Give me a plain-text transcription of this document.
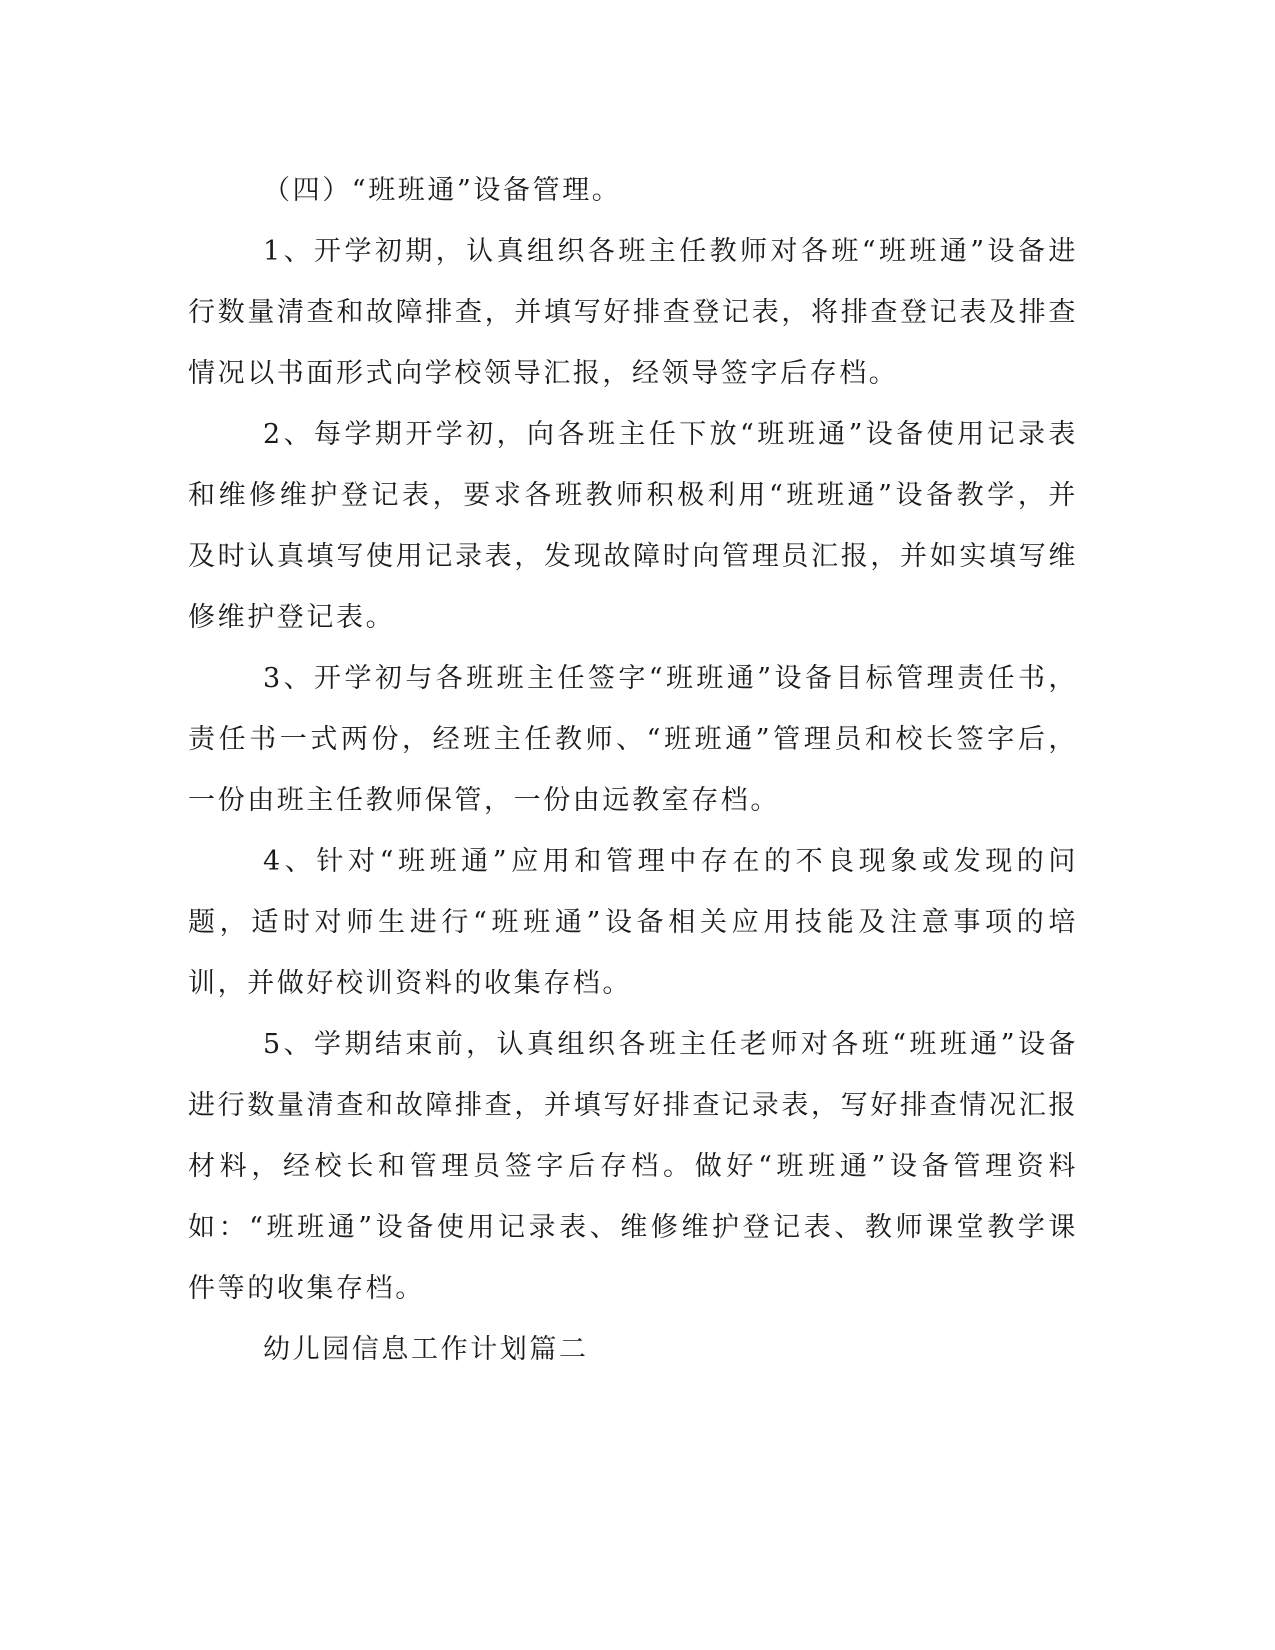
（四）“班班通”设备管理。

1、开学初期，认真组织各班主任教师对各班“班班通”设备进行数量清查和故障排查，并填写好排查登记表，将排查登记表及排查情况以书面形式向学校领导汇报，经领导签字后存档。

2、每学期开学初，向各班主任下放“班班通”设备使用记录表和维修维护登记表，要求各班教师积极利用“班班通”设备教学，并及时认真填写使用记录表，发现故障时向管理员汇报，并如实填写维修维护登记表。

3、开学初与各班班主任签字“班班通”设备目标管理责任书，责任书一式两份，经班主任教师、“班班通”管理员和校长签字后，一份由班主任教师保管，一份由远教室存档。

4、针对“班班通”应用和管理中存在的不良现象或发现的问题，适时对师生进行“班班通”设备相关应用技能及注意事项的培训，并做好校训资料的收集存档。

5、学期结束前，认真组织各班主任老师对各班“班班通”设备进行数量清查和故障排查，并填写好排查记录表，写好排查情况汇报材料，经校长和管理员签字后存档。做好“班班通”设备管理资料如：“班班通”设备使用记录表、维修维护登记表、教师课堂教学课件等的收集存档。

幼儿园信息工作计划篇二
